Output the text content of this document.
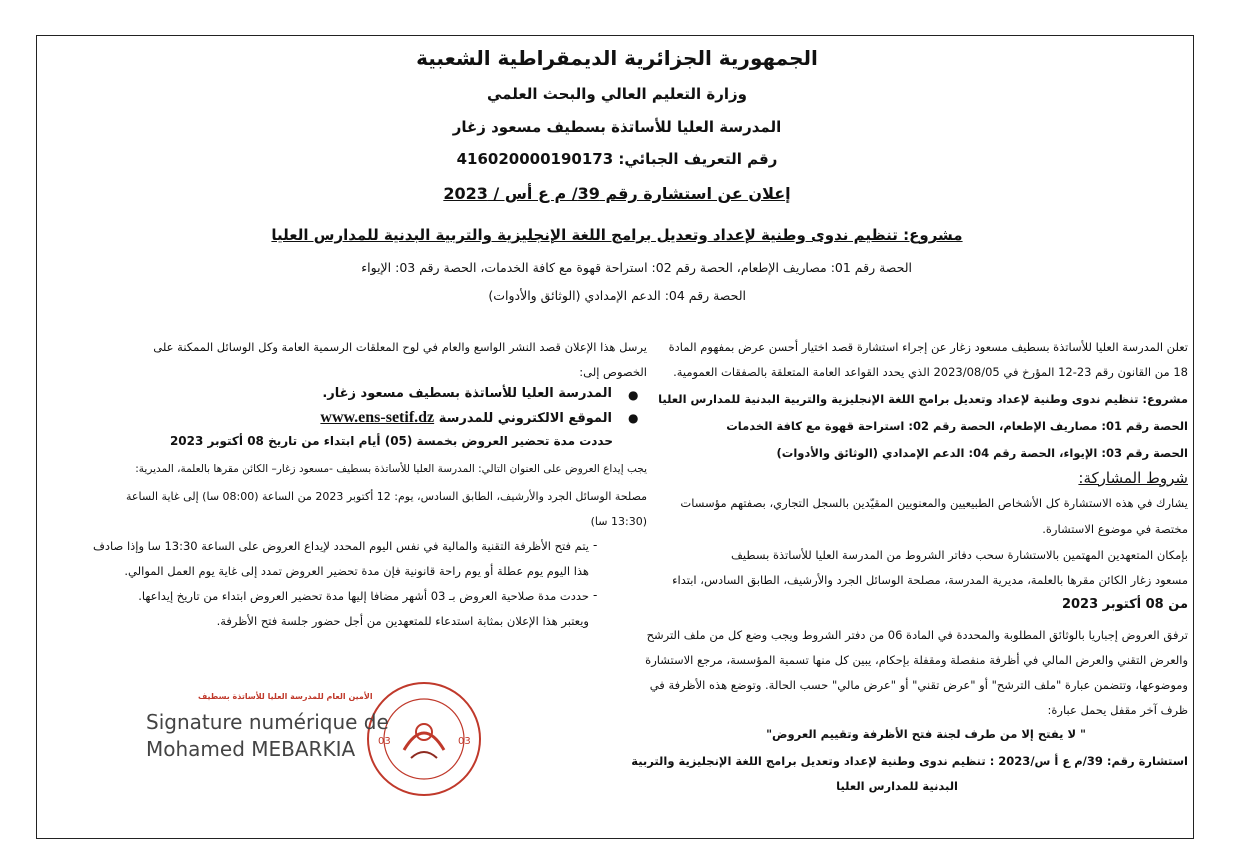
الجمهورية الجزائرية الديمقراطية الشعبية
وزارة التعليم العالي والبحث العلمي
المدرسة العليا للأساتذة بسطيف مسعود زغار
رقم التعريف الجبائي: 416020000190173
إعلان عن استشارة رقم 39/ م ع أس / 2023
مشروع: تنظيم ندوى وطنية لإعداد وتعديل برامج اللغة الإنجليزية والتربية البدنية للمدارس العليا
الحصة رقم 01: مصاريف الإطعام، الحصة رقم 02: استراحة قهوة مع كافة الخدمات، الحصة رقم 03: الإيواء
الحصة رقم 04: الدعم الإمدادي (الوثائق والأدوات)
تعلن المدرسة العليا للأساتذة بسطيف مسعود زغار عن إجراء استشارة قصد اختيار أحسن عرض بمفهوم المادة
18 من القانون رقم 23-12 المؤرخ في 2023/08/05 الذي يحدد القواعد العامة المتعلقة بالصفقات العمومية.
مشروع: تنظيم ندوى وطنية لإعداد وتعديل برامج اللغة الإنجليزية والتربية البدنية للمدارس العليا
الحصة رقم 01: مصاريف الإطعام، الحصة رقم 02: استراحة قهوة مع كافة الخدمات
الحصة رقم 03: الإيواء، الحصة رقم 04: الدعم الإمدادي (الوثائق والأدوات)
شروط المشاركة:
يشارك في هذه الاستشارة كل الأشخاص الطبيعيين والمعنويين المقيّدين بالسجل التجاري، بصفتهم مؤسسات
مختصة في موضوع الاستشارة.
بإمكان المتعهدين المهتمين بالاستشارة سحب دفاتر الشروط من المدرسة العليا للأساتذة بسطيف
مسعود زغار الكائن مقرها بالعلمة، مديرية المدرسة، مصلحة الوسائل الجرد والأرشيف، الطابق السادس، ابتداء
من 08 أكتوبر 2023
ترفق العروض إجباريا بالوثائق المطلوبة والمحددة في المادة 06 من دفتر الشروط ويجب وضع كل من ملف الترشح
والعرض التقني والعرض المالي في أظرفة منفصلة ومقفلة بإحكام، يبين كل منها تسمية المؤسسة، مرجع الاستشارة
وموضوعها، وتتضمن عبارة "ملف الترشح" أو "عرض تقني" أو "عرض مالي" حسب الحالة. وتوضع هذه الأظرفة في
ظرف آخر مقفل يحمل عبارة:
" لا يفتح إلا من طرف لجنة فتح الأظرفة وتقييم العروض"
استشارة رقم: 39/م ع أ س/2023 : تنظيم ندوى وطنية لإعداد وتعديل برامج اللغة الإنجليزية والتربية
البدنية للمدارس العليا
يرسل هذا الإعلان قصد النشر الواسع والعام في لوح المعلقات الرسمية العامة وكل الوسائل الممكنة على
الخصوص إلى:
●
المدرسة العليا للأساتذة بسطيف مسعود زغار.
●
الموقع الالكتروني للمدرسة www.ens-setif.dz
حددت مدة تحضير العروض بخمسة (05) أيام ابتداء من تاريخ 08 أكتوبر 2023
يجب إيداع العروض على العنوان التالي: المدرسة العليا للأساتذة بسطيف -مسعود زغار– الكائن مقرها بالعلمة، المديرية:
مصلحة الوسائل الجرد والأرشيف، الطابق السادس، يوم: 12 أكتوبر 2023 من الساعة (08:00 سا) إلى غاية الساعة
(13:30 سا)
-
يتم فتح الأظرفة التقنية والمالية في نفس اليوم المحدد لإيداع العروض على الساعة 13:30 سا وإذا صادف
هذا اليوم يوم عطلة أو يوم راحة قانونية فإن مدة تحضير العروض تمدد إلى غاية يوم العمل الموالي.
-
حددت مدة صلاحية العروض بـ 03 أشهر مضافا إليها مدة تحضير العروض ابتداء من تاريخ إيداعها.
ويعتبر هذا الإعلان بمثابة استدعاء للمتعهدين من أجل حضور جلسة فتح الأظرفة.
الأمين العام للمدرسة العليا للأساتذة بسطيف
03	03
Signature numérique de
Mohamed MEBARKIA
